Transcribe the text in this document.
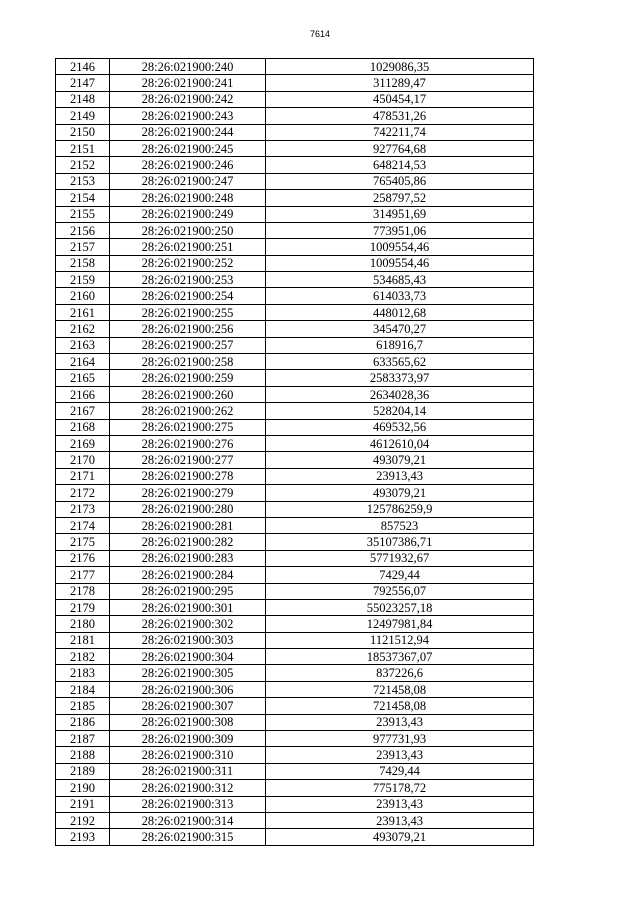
7614
2146	28:26:021900:240	1029086,35
2147	28:26:021900:241	311289,47
2148	28:26:021900:242	450454,17
2149	28:26:021900:243	478531,26
2150	28:26:021900:244	742211,74
2151	28:26:021900:245	927764,68
2152	28:26:021900:246	648214,53
2153	28:26:021900:247	765405,86
2154	28:26:021900:248	258797,52
2155	28:26:021900:249	314951,69
2156	28:26:021900:250	773951,06
2157	28:26:021900:251	1009554,46
2158	28:26:021900:252	1009554,46
2159	28:26:021900:253	534685,43
2160	28:26:021900:254	614033,73
2161	28:26:021900:255	448012,68
2162	28:26:021900:256	345470,27
2163	28:26:021900:257	618916,7
2164	28:26:021900:258	633565,62
2165	28:26:021900:259	2583373,97
2166	28:26:021900:260	2634028,36
2167	28:26:021900:262	528204,14
2168	28:26:021900:275	469532,56
2169	28:26:021900:276	4612610,04
2170	28:26:021900:277	493079,21
2171	28:26:021900:278	23913,43
2172	28:26:021900:279	493079,21
2173	28:26:021900:280	125786259,9
2174	28:26:021900:281	857523
2175	28:26:021900:282	35107386,71
2176	28:26:021900:283	5771932,67
2177	28:26:021900:284	7429,44
2178	28:26:021900:295	792556,07
2179	28:26:021900:301	55023257,18
2180	28:26:021900:302	12497981,84
2181	28:26:021900:303	1121512,94
2182	28:26:021900:304	18537367,07
2183	28:26:021900:305	837226,6
2184	28:26:021900:306	721458,08
2185	28:26:021900:307	721458,08
2186	28:26:021900:308	23913,43
2187	28:26:021900:309	977731,93
2188	28:26:021900:310	23913,43
2189	28:26:021900:311	7429,44
2190	28:26:021900:312	775178,72
2191	28:26:021900:313	23913,43
2192	28:26:021900:314	23913,43
2193	28:26:021900:315	493079,21
